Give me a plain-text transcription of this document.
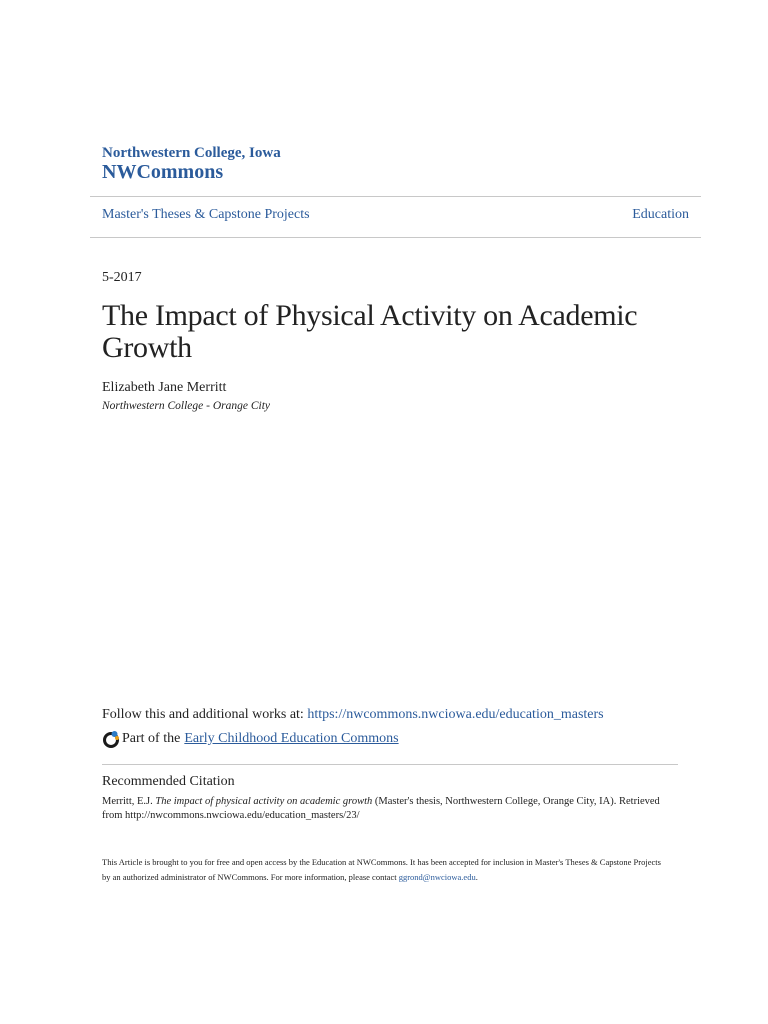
Northwestern College, Iowa
NWCommons
Master's Theses & Capstone Projects	Education
5-2017
The Impact of Physical Activity on Academic Growth
Elizabeth Jane Merritt
Northwestern College - Orange City
Follow this and additional works at: https://nwcommons.nwciowa.edu/education_masters
Part of the Early Childhood Education Commons
Recommended Citation
Merritt, E.J. The impact of physical activity on academic growth (Master's thesis, Northwestern College, Orange City, IA). Retrieved from http://nwcommons.nwciowa.edu/education_masters/23/
This Article is brought to you for free and open access by the Education at NWCommons. It has been accepted for inclusion in Master's Theses & Capstone Projects by an authorized administrator of NWCommons. For more information, please contact ggrond@nwciowa.edu.
